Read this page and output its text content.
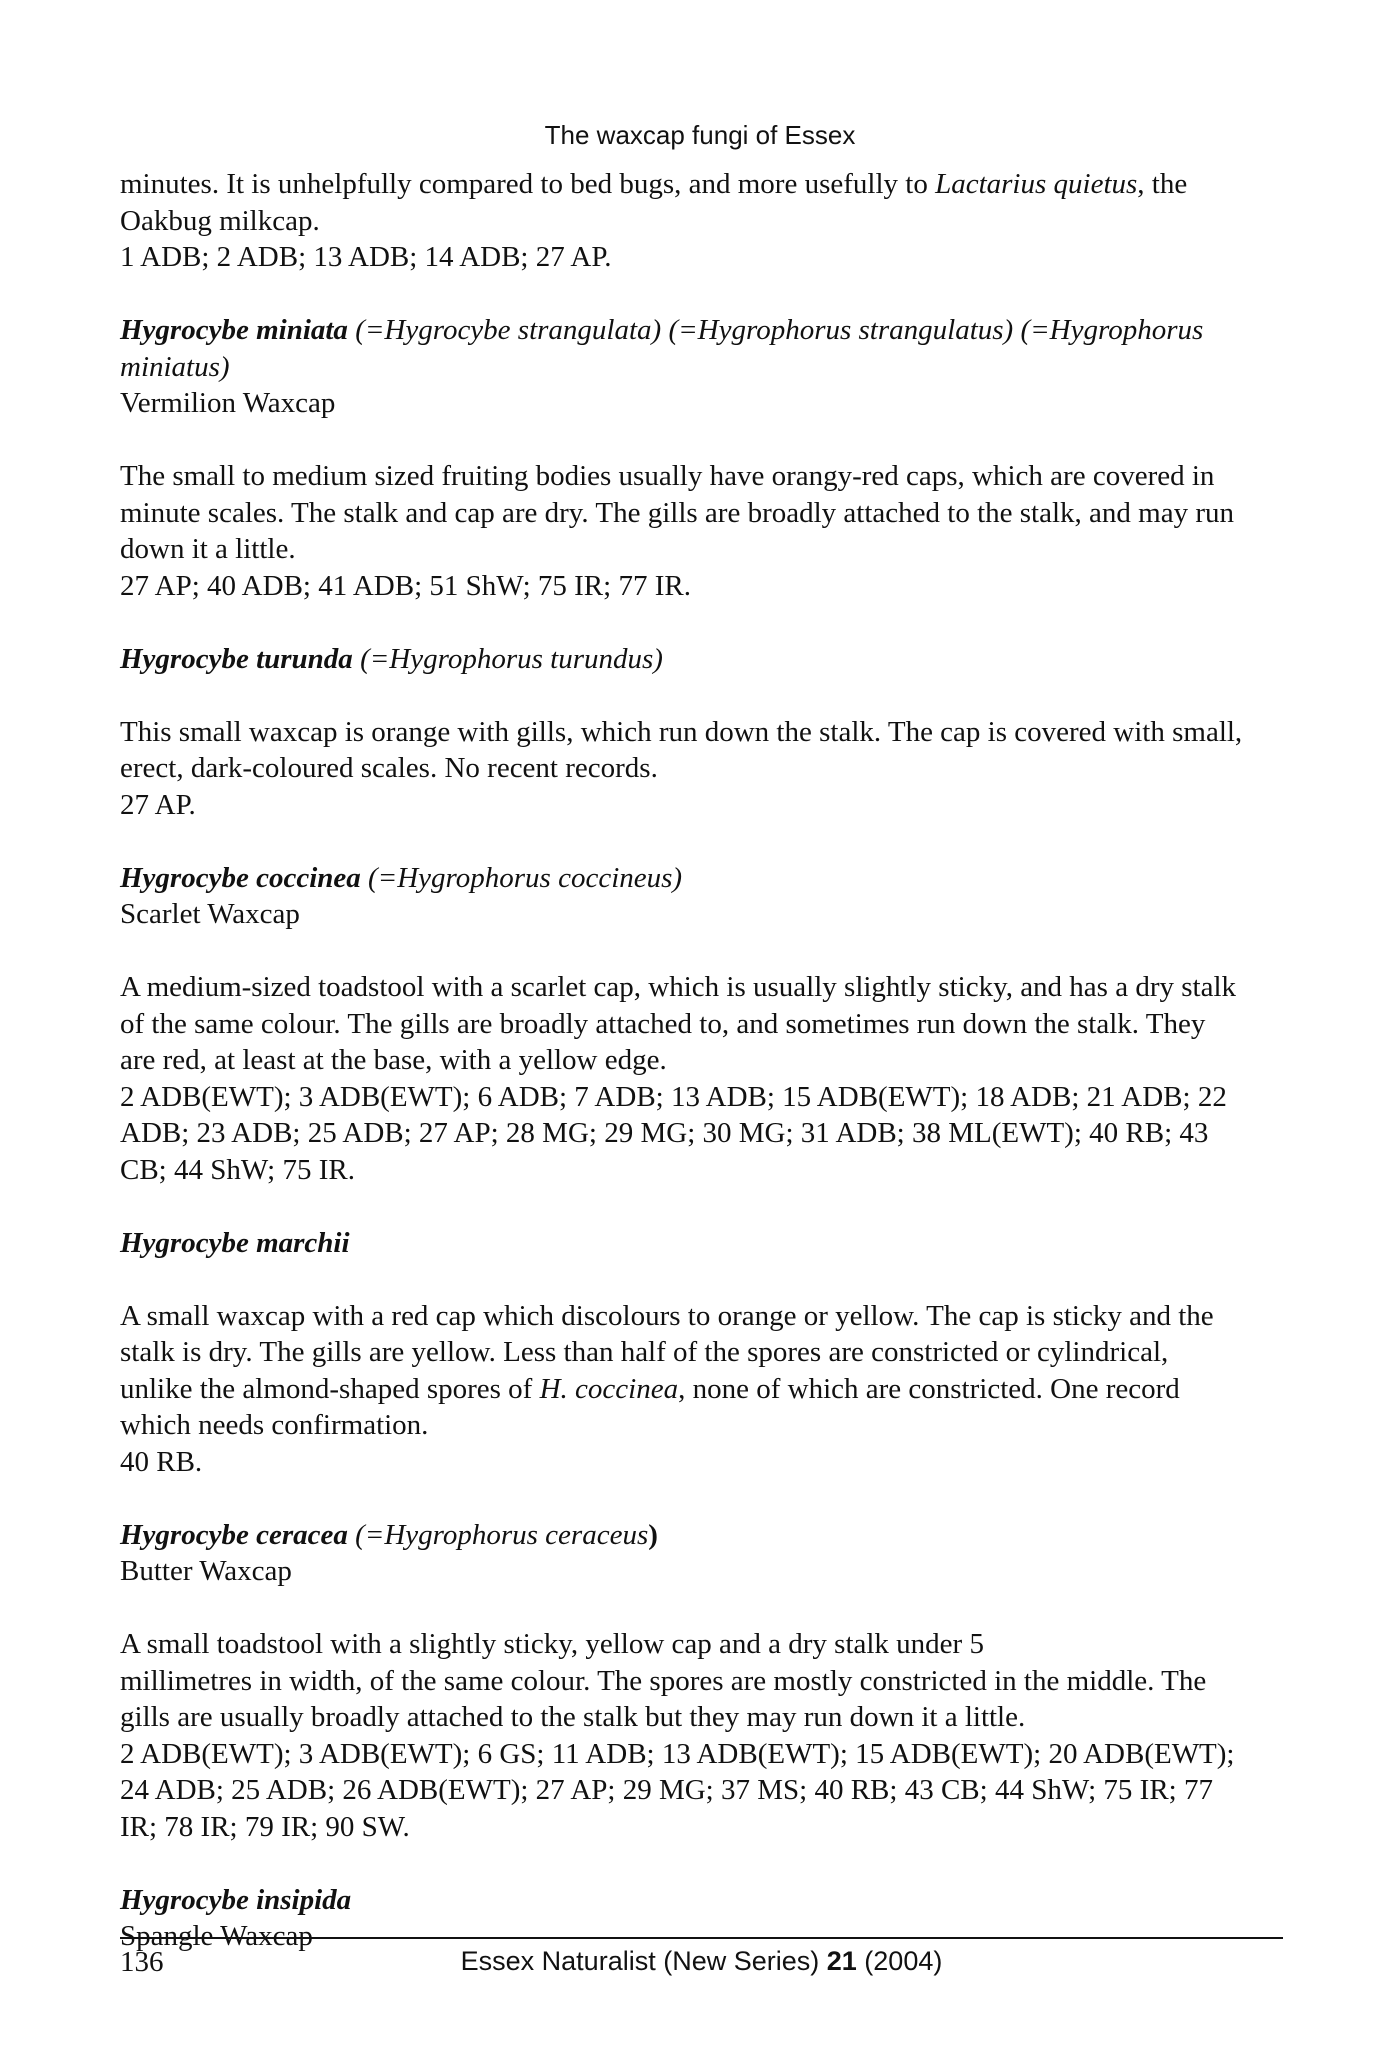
The waxcap fungi of Essex

minutes. It is unhelpfully compared to bed bugs, and more usefully to Lactarius quietus, the

Oakbug milkcap.

1 ADB; 2 ADB; 13 ADB; 14 ADB; 27 AP.

Hygrocybe miniata (=Hygrocybe strangulata) (=Hygrophorus strangulatus) (=Hygrophorus

miniatus)

Vermilion Waxcap

The small to medium sized fruiting bodies usually have orangy-red caps, which are covered in

minute scales. The stalk and cap are dry. The gills are broadly attached to the stalk, and may run

down it a little.

27 AP; 40 ADB; 41 ADB; 51 ShW; 75 IR; 77 IR.

Hygrocybe turunda (=Hygrophorus turundus)

This small waxcap is orange with gills, which run down the stalk. The cap is covered with small,

erect, dark-coloured scales. No recent records.

27 AP.

Hygrocybe coccinea (=Hygrophorus coccineus)

Scarlet Waxcap

A medium-sized toadstool with a scarlet cap, which is usually slightly sticky, and has a dry stalk

of the same colour. The gills are broadly attached to, and sometimes run down the stalk. They

are red, at least at the base, with a yellow edge.

2 ADB(EWT); 3 ADB(EWT); 6 ADB; 7 ADB; 13 ADB; 15 ADB(EWT); 18 ADB; 21 ADB; 22

ADB; 23 ADB; 25 ADB; 27 AP; 28 MG; 29 MG; 30 MG; 31 ADB; 38 ML(EWT); 40 RB; 43

CB; 44 ShW; 75 IR.

Hygrocybe marchii

A small waxcap with a red cap which discolours to orange or yellow. The cap is sticky and the

stalk is dry. The gills are yellow. Less than half of the spores are constricted or cylindrical,

unlike the almond-shaped spores of H. coccinea, none of which are constricted. One record

which needs confirmation.

40 RB.

Hygrocybe ceracea (=Hygrophorus ceraceus)

Butter Waxcap

A small toadstool with a slightly sticky, yellow cap and a dry stalk under 5

millimetres in width, of the same colour. The spores are mostly constricted in the middle. The

gills are usually broadly attached to the stalk but they may run down it a little.

2 ADB(EWT); 3 ADB(EWT); 6 GS; 11 ADB; 13 ADB(EWT); 15 ADB(EWT); 20 ADB(EWT);

24 ADB; 25 ADB; 26 ADB(EWT); 27 AP; 29 MG; 37 MS; 40 RB; 43 CB; 44 ShW; 75 IR; 77

IR; 78 IR; 79 IR; 90 SW.

Hygrocybe insipida

Spangle Waxcap

136	Essex Naturalist (New Series) 21 (2004)
